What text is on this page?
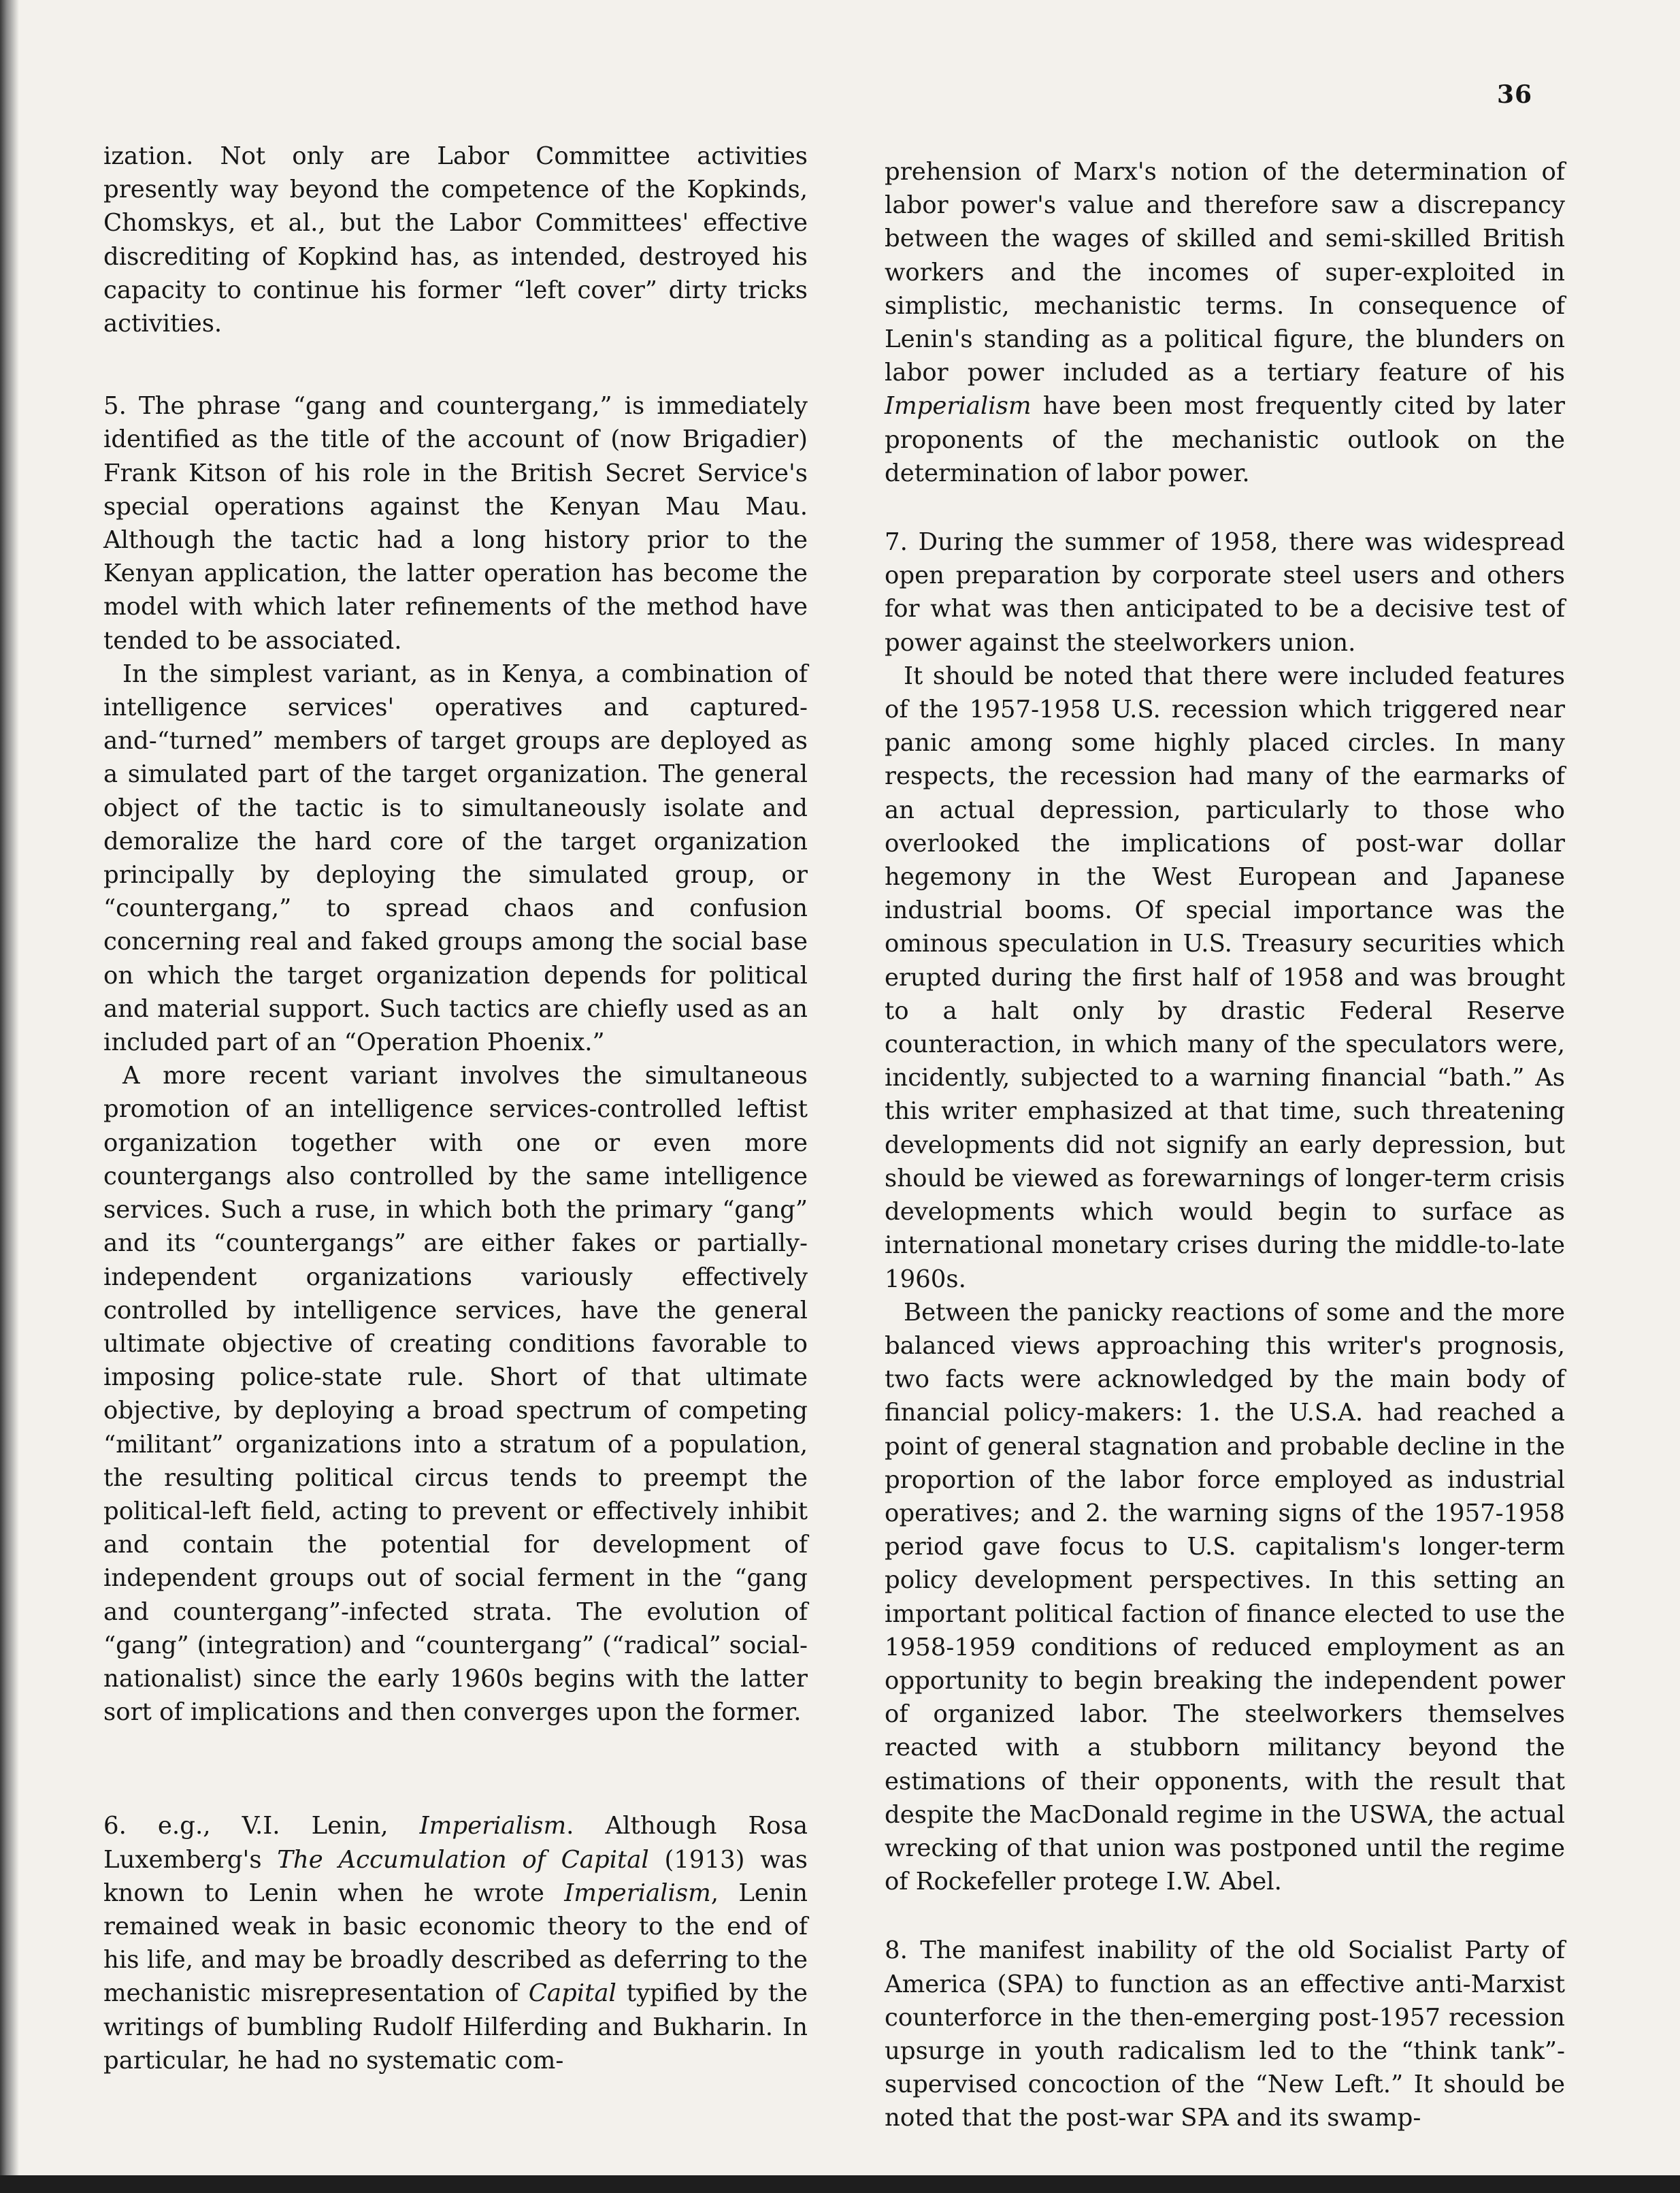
36

ization. Not only are Labor Committee activities presently way beyond the competence of the Kopkinds, Chomskys, et al., but the Labor Committees' effective discrediting of Kopkind has, as intended, destroyed his capacity to continue his former “left cover” dirty tricks activities.

5. The phrase “gang and countergang,” is immediately identified as the title of the account of (now Brigadier) Frank Kitson of his role in the British Secret Service's special operations against the Kenyan Mau Mau. Although the tactic had a long history prior to the Kenyan application, the latter operation has become the model with which later refinements of the method have tended to be associated.

In the simplest variant, as in Kenya, a combination of intelligence services' operatives and captured-and-“turned” members of target groups are deployed as a simulated part of the target organization. The general object of the tactic is to simultaneously isolate and demoralize the hard core of the target organization principally by deploying the simulated group, or “countergang,” to spread chaos and confusion concerning real and faked groups among the social base on which the target organization depends for political and material support. Such tactics are chiefly used as an included part of an “Operation Phoenix.”

A more recent variant involves the simultaneous promotion of an intelligence services-controlled leftist organization together with one or even more countergangs also controlled by the same intelligence services. Such a ruse, in which both the primary “gang” and its “countergangs” are either fakes or partially-independent organizations variously effectively controlled by intelligence services, have the general ultimate objective of creating conditions favorable to imposing police-state rule. Short of that ultimate objective, by deploying a broad spectrum of competing “militant” organizations into a stratum of a population, the resulting political circus tends to preempt the political-left field, acting to prevent or effectively inhibit and contain the potential for development of independent groups out of social ferment in the “gang and countergang”-infected strata. The evolution of “gang” (integration) and “countergang” (“radical” social-nationalist) since the early 1960s begins with the latter sort of implications and then converges upon the former.

6. e.g., V.I. Lenin, Imperialism. Although Rosa Luxemberg's The Accumulation of Capital (1913) was known to Lenin when he wrote Imperialism, Lenin remained weak in basic economic theory to the end of his life, and may be broadly described as deferring to the mechanistic misrepresentation of Capital typified by the writings of bumbling Rudolf Hilferding and Bukharin. In particular, he had no systematic com-

prehension of Marx's notion of the determination of labor power's value and therefore saw a discrepancy between the wages of skilled and semi-skilled British workers and the incomes of super-exploited in simplistic, mechanistic terms. In consequence of Lenin's standing as a political figure, the blunders on labor power included as a tertiary feature of his Imperialism have been most frequently cited by later proponents of the mechanistic outlook on the determination of labor power.

7. During the summer of 1958, there was widespread open preparation by corporate steel users and others for what was then anticipated to be a decisive test of power against the steelworkers union.

It should be noted that there were included features of the 1957-1958 U.S. recession which triggered near panic among some highly placed circles. In many respects, the recession had many of the earmarks of an actual depression, particularly to those who overlooked the implications of post-war dollar hegemony in the West European and Japanese industrial booms. Of special importance was the ominous speculation in U.S. Treasury securities which erupted during the first half of 1958 and was brought to a halt only by drastic Federal Reserve counteraction, in which many of the speculators were, incidently, subjected to a warning financial “bath.” As this writer emphasized at that time, such threatening developments did not signify an early depression, but should be viewed as forewarnings of longer-term crisis developments which would begin to surface as international monetary crises during the middle-to-late 1960s.

Between the panicky reactions of some and the more balanced views approaching this writer's prognosis, two facts were acknowledged by the main body of financial policy-makers: 1. the U.S.A. had reached a point of general stagnation and probable decline in the proportion of the labor force employed as industrial operatives; and 2. the warning signs of the 1957-1958 period gave focus to U.S. capitalism's longer-term policy development perspectives. In this setting an important political faction of finance elected to use the 1958-1959 conditions of reduced employment as an opportunity to begin breaking the independent power of organized labor. The steelworkers themselves reacted with a stubborn militancy beyond the estimations of their opponents, with the result that despite the MacDonald regime in the USWA, the actual wrecking of that union was postponed until the regime of Rockefeller protege I.W. Abel.

8. The manifest inability of the old Socialist Party of America (SPA) to function as an effective anti-Marxist counterforce in the then-emerging post-1957 recession upsurge in youth radicalism led to the “think tank”-supervised concoction of the “New Left.” It should be noted that the post-war SPA and its swamp-
